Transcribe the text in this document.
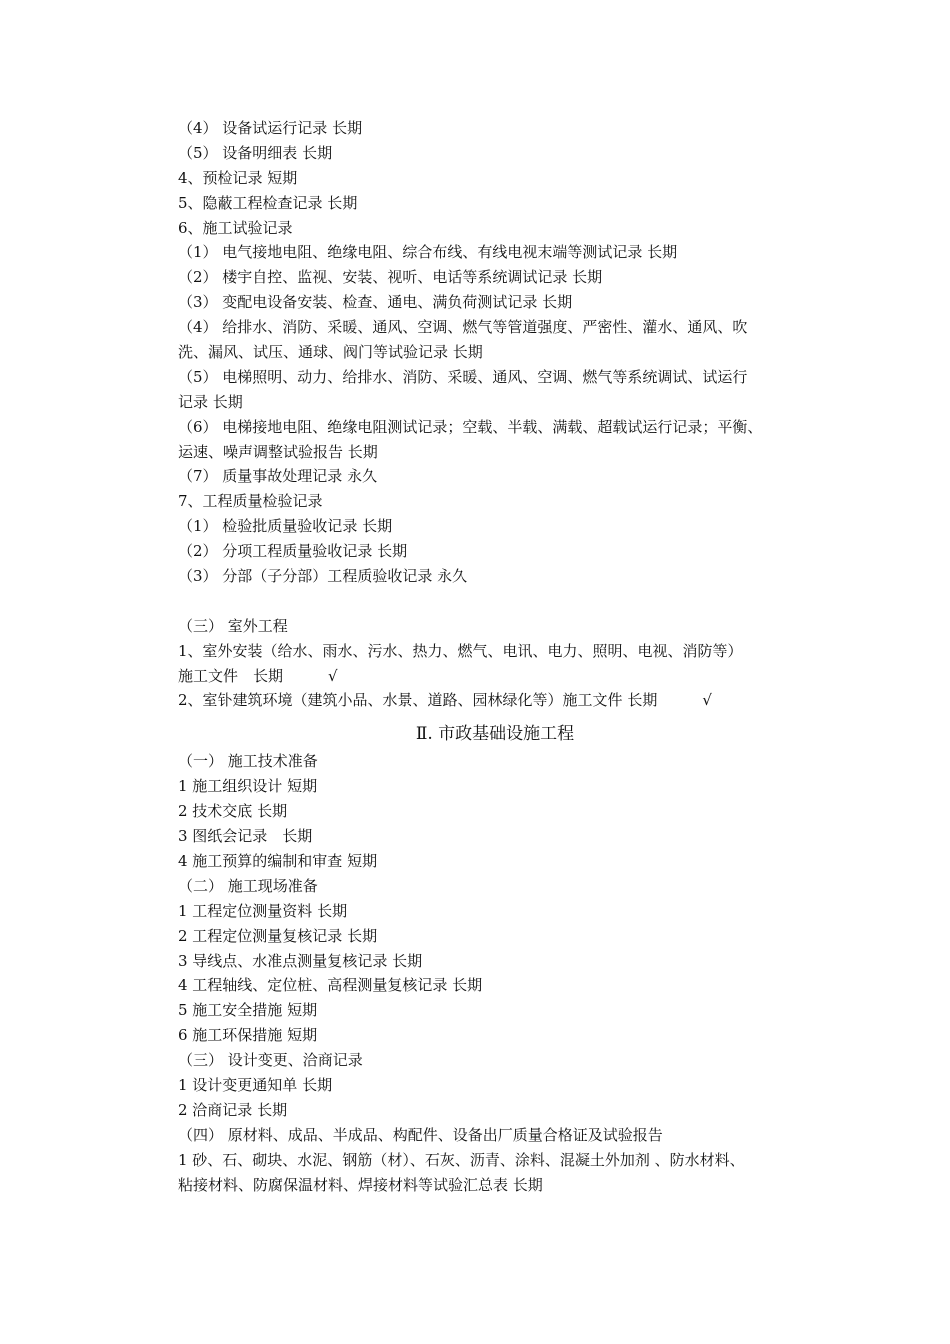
（4） 设备试运行记录 长期
（5） 设备明细表 长期
4、预检记录 短期
5、隐蔽工程检查记录 长期
6、施工试验记录
（1） 电气接地电阻、绝缘电阻、综合布线、有线电视末端等测试记录 长期
（2） 楼宇自控、监视、安装、视听、电话等系统调试记录 长期
（3） 变配电设备安装、检查、通电、满负荷测试记录 长期
（4） 给排水、消防、采暖、通风、空调、燃气等管道强度、严密性、灌水、通风、吹
洗、漏风、试压、通球、阀门等试验记录 长期
（5） 电梯照明、动力、给排水、消防、采暖、通风、空调、燃气等系统调试、试运行
记录 长期
（6） 电梯接地电阻、绝缘电阻测试记录；空载、半载、满载、超载试运行记录；平衡、
运速、噪声调整试验报告 长期
（7） 质量事故处理记录 永久
7、工程质量检验记录
（1） 检验批质量验收记录 长期
（2） 分项工程质量验收记录 长期
（3） 分部（子分部）工程质验收记录 永久
（三） 室外工程
1、室外安装（给水、雨水、污水、热力、燃气、电讯、电力、照明、电视、消防等）
施工文件　长期　　　√
2、室钋建筑环境（建筑小品、水景、道路、园林绿化等）施工文件 长期　　　√
Ⅱ. 市政基础设施工程
（一） 施工技术准备
1 施工组织设计 短期
2 技术交底 长期
3 图纸会记录　长期
4 施工预算的编制和审查 短期
（二） 施工现场准备
1 工程定位测量资料 长期
2 工程定位测量复核记录 长期
3 导线点、水准点测量复核记录 长期
4 工程轴线、定位桩、高程测量复核记录 长期
5 施工安全措施 短期
6 施工环保措施 短期
（三） 设计变更、洽商记录
1 设计变更通知单 长期
2 洽商记录 长期
（四） 原材料、成品、半成品、构配件、设备出厂质量合格证及试验报告
1 砂、石、砌块、水泥、钢筋（材）、石灰、沥青、涂料、混凝土外加剂 、防水材料、
粘接材料、防腐保温材料、焊接材料等试验汇总表 长期
